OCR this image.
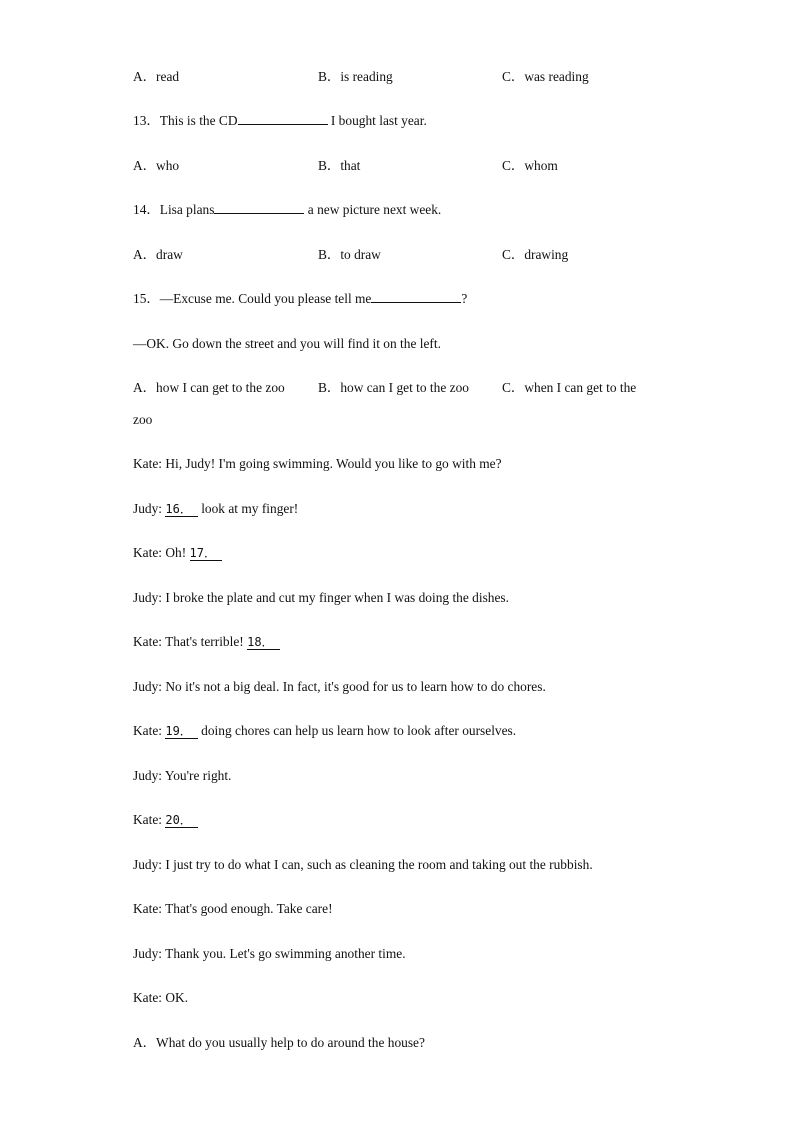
A．read	B．is reading	C．was reading
13．This is the CD	I bought last year.
A．who	B．that	C．whom
14．Lisa plans	a new picture next week.
A．draw	B．to draw	C．drawing
15．—Excuse me. Could you please tell me	?
—OK. Go down the street and you will find it on the left.
A．how I can get to the zoo B．how can I get to the zoo C．when I can get to the
zoo
Kate: Hi, Judy! I'm going swimming. Would you like to go with me?
Judy: 16． look at my finger!
Kate: Oh! 17．
Judy: I broke the plate and cut my finger when I was doing the dishes.
Kate: That's terrible! 18．
Judy: No it's not a big deal. In fact, it's good for us to learn how to do chores.
Kate: 19． doing chores can help us learn how to look after ourselves.
Judy: You're right.
Kate: 20．
Judy: I just try to do what I can, such as cleaning the room and taking out the rubbish.
Kate: That's good enough. Take care!
Judy: Thank you. Let's go swimming another time.
Kate: OK.
A．What do you usually help to do around the house?
